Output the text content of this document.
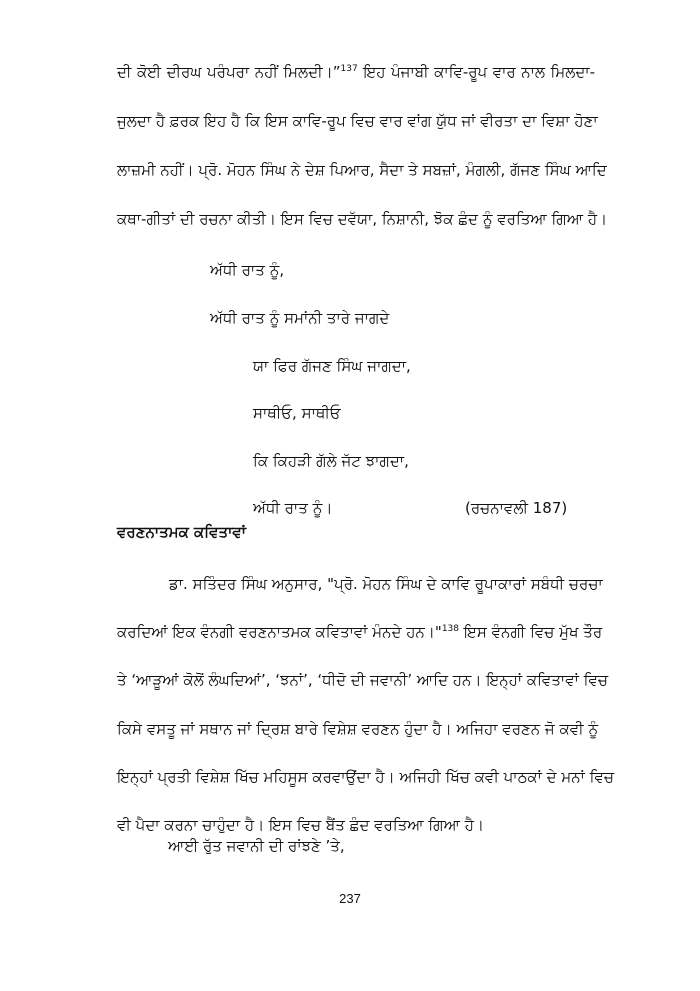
ਦੀ ਕੋਈ ਦੀਰਘ ਪਰੰਪਰਾ ਨਹੀਂ ਮਿਲਦੀ।”$^{137}$ ਇਹ ਪੰਜਾਬੀ ਕਾਵਿ-ਰੂਪ ਵਾਰ ਨਾਲ ਮਿਲਦਾ-
ਜੁਲਦਾ ਹੈ ਫ਼ਰਕ ਇਹ ਹੈ ਕਿ ਇਸ ਕਾਵਿ-ਰੂਪ ਵਿਚ ਵਾਰ ਵਾਂਗ ਯੁੱਧ ਜਾਂ ਵੀਰਤਾ ਦਾ ਵਿਸ਼ਾ ਹੋਣਾ
ਲਾਜ਼ਮੀ ਨਹੀਂ। ਪ੍ਰੋ. ਮੋਹਨ ਸਿੰਘ ਨੇ ਦੇਸ਼ ਪਿਆਰ, ਸੈਦਾ ਤੇ ਸਬਜ਼ਾਂ, ਮੰਗਲੀ, ਗੱਜਣ ਸਿੰਘ ਆਦਿ
ਕਥਾ-ਗੀਤਾਂ ਦੀ ਰਚਨਾ ਕੀਤੀ। ਇਸ ਵਿਚ ਦਵੱਯਾ, ਨਿਸ਼ਾਨੀ, ਝੋਕ ਛੰਦ ਨੂੰ ਵਰਤਿਆ ਗਿਆ ਹੈ।
ਅੱਧੀ ਰਾਤ ਨੂੰ,
ਅੱਧੀ ਰਾਤ ਨੂੰ ਸਮਾਂਨੀ ਤਾਰੇ ਜਾਗਦੇ
ਯਾ ਫਿਰ ਗੱਜਣ ਸਿੰਘ ਜਾਗਦਾ,
ਸਾਥੀਓ, ਸਾਥੀਓ
ਕਿ ਕਿਹੜੀ ਗੱਲੇ ਜੱਟ ਝਾਗਦਾ,
ਅੱਧੀ ਰਾਤ ਨੂੰ।	(ਰਚਨਾਵਲੀ 187)
ਵਰਣਨਾਤਮਕ ਕਵਿਤਾਵਾਂ
ਡਾ. ਸਤਿੰਦਰ ਸਿੰਘ ਅਨੁਸਾਰ, "ਪ੍ਰੋ. ਮੋਹਨ ਸਿੰਘ ਦੇ ਕਾਵਿ ਰੂਪਾਕਾਰਾਂ ਸਬੰਧੀ ਚਰਚਾ
ਕਰਦਿਆਂ ਇਕ ਵੰਨਗੀ ਵਰਣਨਾਤਮਕ ਕਵਿਤਾਵਾਂ ਮੰਨਦੇ ਹਨ।"$^{138}$ ਇਸ ਵੰਨਗੀ ਵਿਚ ਮੁੱਖ ਤੌਰ
ਤੇ ‘ਆੜੂਆਂ ਕੋਲੋਂ ਲੰਘਦਿਆਂ’, ‘ਝਨਾਂ’, ‘ਧੀਦੋ ਦੀ ਜਵਾਨੀ’ ਆਦਿ ਹਨ। ਇਨ੍ਹਾਂ ਕਵਿਤਾਵਾਂ ਵਿਚ
ਕਿਸੇ ਵਸਤੂ ਜਾਂ ਸਥਾਨ ਜਾਂ ਦ੍ਰਿਸ਼ ਬਾਰੇ ਵਿਸ਼ੇਸ਼ ਵਰਣਨ ਹੁੰਦਾ ਹੈ। ਅਜਿਹਾ ਵਰਣਨ ਜੋ ਕਵੀ ਨੂੰ
ਇਨ੍ਹਾਂ ਪ੍ਰਤੀ ਵਿਸ਼ੇਸ਼ ਖਿੱਚ ਮਹਿਸੂਸ ਕਰਵਾਉਂਦਾ ਹੈ। ਅਜਿਹੀ ਖਿੱਚ ਕਵੀ ਪਾਠਕਾਂ ਦੇ ਮਨਾਂ ਵਿਚ
ਵੀ ਪੈਦਾ ਕਰਨਾ ਚਾਹੁੰਦਾ ਹੈ। ਇਸ ਵਿਚ ਬੈਂਤ ਛੰਦ ਵਰਤਿਆ ਗਿਆ ਹੈ।
ਆਈ ਰੁੱਤ ਜਵਾਨੀ ਦੀ ਰਾਂਝਣੇ ’ਤੇ,
237
